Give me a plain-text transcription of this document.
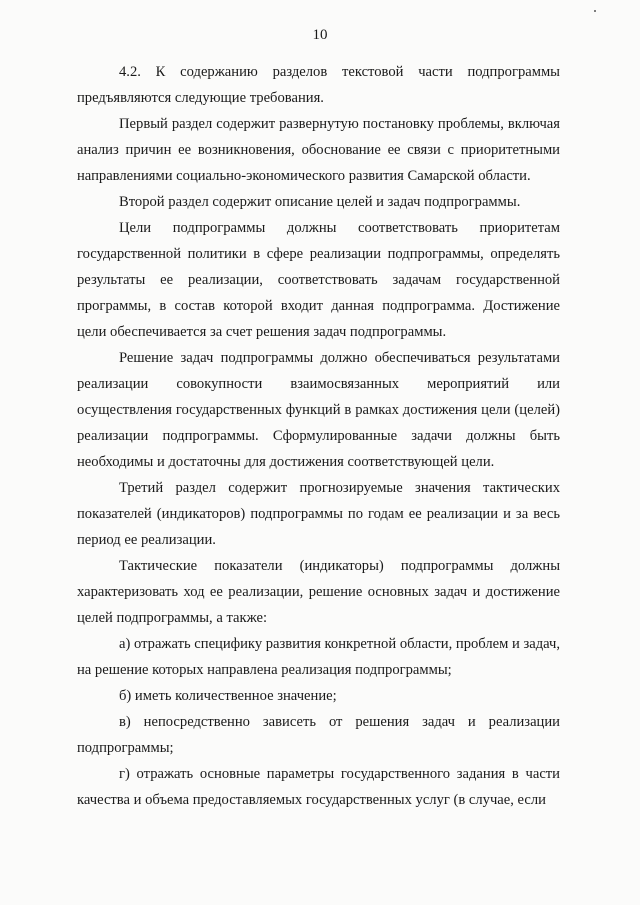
10

4.2. К содержанию разделов текстовой части подпрограммы предъявляются следующие требования.

Первый раздел содержит развернутую постановку проблемы, включая анализ причин ее возникновения, обоснование ее связи с приоритетными направлениями социально-экономического развития Самарской области.

Второй раздел содержит описание целей и задач подпрограммы.

Цели подпрограммы должны соответствовать приоритетам государственной политики в сфере реализации подпрограммы, определять результаты ее реализации, соответствовать задачам государственной программы, в состав которой входит данная подпрограмма. Достижение цели обеспечивается за счет решения задач подпрограммы.

Решение задач подпрограммы должно обеспечиваться результатами реализации совокупности взаимосвязанных мероприятий или осуществления государственных функций в рамках достижения цели (целей) реализации подпрограммы. Сформулированные задачи должны быть необходимы и достаточны для достижения соответствующей цели.

Третий раздел содержит прогнозируемые значения тактических показателей (индикаторов) подпрограммы по годам ее реализации и за весь период ее реализации.

Тактические показатели (индикаторы) подпрограммы должны характеризовать ход ее реализации, решение основных задач и достижение целей подпрограммы, а также:

а) отражать специфику развития конкретной области, проблем и задач, на решение которых направлена реализация подпрограммы;

б) иметь количественное значение;

в) непосредственно зависеть от решения задач и реализации подпрограммы;

г) отражать основные параметры государственного задания в части качества и объема предоставляемых государственных услуг (в случае, если
